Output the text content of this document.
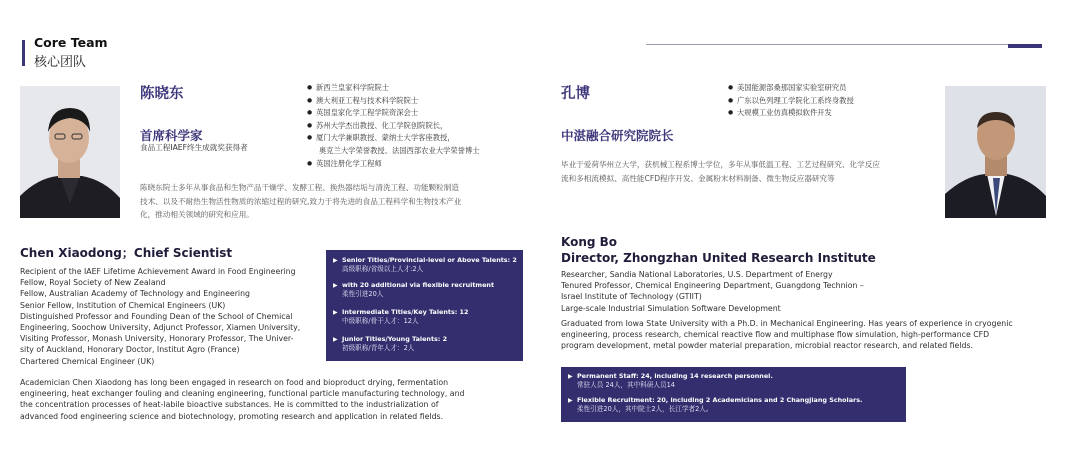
Core Team
核心团队
陈晓东
首席科学家
食品工程IAEF终生成就奖获得者
● 新西兰皇家科学院院士
● 澳大利亚工程与技术科学院院士
● 英国皇家化学工程学院资深会士
● 苏州大学杰出教授、化工学院创院院长，
● 厦门大学兼职教授、蒙纳士大学客座教授，
奥克兰大学荣誉教授、法国西部农业大学荣誉博士
● 英国注册化学工程师
陈晓东院士多年从事食品和生物产品干燥学、发酵工程、换热器结垢与清洗工程、功能颗粒制造
技术、以及不耐热生物活性物质的浓缩过程的研究,致力于将先进的食品工程科学和生物技术产业
化，推动相关领域的研究和应用。
Chen Xiaodong；Chief Scientist
Recipient of the IAEF Lifetime Achievement Award in Food Engineering
Fellow, Royal Society of New Zealand
Fellow, Australian Academy of Technology and Engineering
Senior Fellow, Institution of Chemical Engineers (UK)
Distinguished Professor and Founding Dean of the School of Chemical
Engineering, Soochow University, Adjunct Professor, Xiamen University,
Visiting Professor, Monash University, Honorary Professor, The Univer-
sity of Auckland, Honorary Doctor, Institut Agro (France)
Chartered Chemical Engineer (UK)
▶ Senior Titles/Provincial-level or Above Talents: 2
高级职称/省级以上人才:2人
▶ with 20 additional via flexible recruitment
柔性引进20人
▶ Intermediate Titles/Key Talents: 12
中级职称/骨干人才：12人
▶ Junior Titles/Young Talents: 2
初级职称/青年人才：2人
Academician Chen Xiaodong has long been engaged in research on food and bioproduct drying, fermentation
engineering, heat exchanger fouling and cleaning engineering, functional particle manufacturing technology, and
the concentration processes of heat-labile bioactive substances. He is committed to the industrialization of
advanced food engineering science and biotechnology, promoting research and application in related fields.
孔博
●	美国能源部桑那国家实验室研究员
● 广东以色列理工学院化工系终身教授
● 大规模工业仿真模拟软件开发
中湛融合研究院院长
毕业于爱荷华州立大学，获机械工程系博士学位，多年从事低温工程、工艺过程研究、化学反应
流和多相流模拟、高性能CFD程序开发、金属粉末材料制备、微生物反应器研究等
Kong Bo
Director, Zhongzhan United Research Institute
Researcher, Sandia National Laboratories, U.S. Department of Energy
Tenured Professor, Chemical Engineering Department, Guangdong Technion –
Israel Institute of Technology (GTIIT)
Large-scale Industrial Simulation Software Development
Graduated from Iowa State University with a Ph.D. in Mechanical Engineering. Has years of experience in cryogenic
engineering, process research, chemical reactive flow and multiphase flow simulation, high-performance CFD
program development, metal powder material preparation, microbial reactor research, and related fields.
▶ Permanent Staff: 24, including 14 research personnel.
常驻人员 24人，其中科研人员14
▶ Flexible Recruitment: 20, including 2 Academicians and 2 Changjiang Scholars.
柔性引进20人，其中院士2人，长江学者2人。
